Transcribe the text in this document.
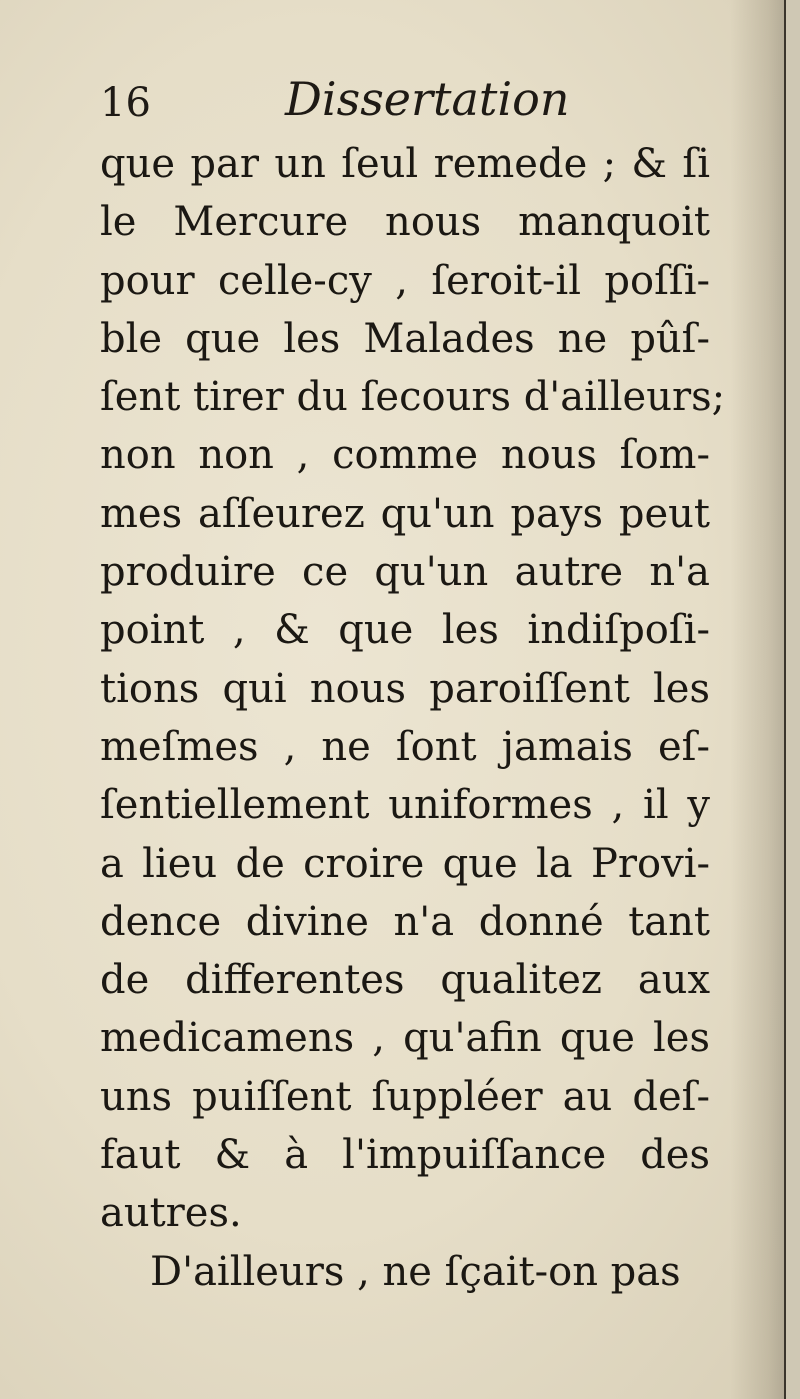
16	Dissertation
que par un ſeul remede ; & ſi
le Mercure nous manquoit
pour celle-cy , ſeroit-il poſſi-
ble que les Malades ne pûſ-
ſent tirer du ſecours d'ailleurs;
non non , comme nous ſom-
mes aſſeurez qu'un pays peut
produire ce qu'un autre n'a
point , & que les indiſpoſi-
tions qui nous paroiſſent les
meſmes , ne ſont jamais eſ-
ſentiellement uniformes , il y
a lieu de croire que la Provi-
dence divine n'a donné tant
de differentes qualitez aux
medicamens , qu'afin que les
uns puiſſent ſuppléer au deſ-
faut & à l'impuiſſance des
autres.
D'ailleurs , ne ſçait-on pas
